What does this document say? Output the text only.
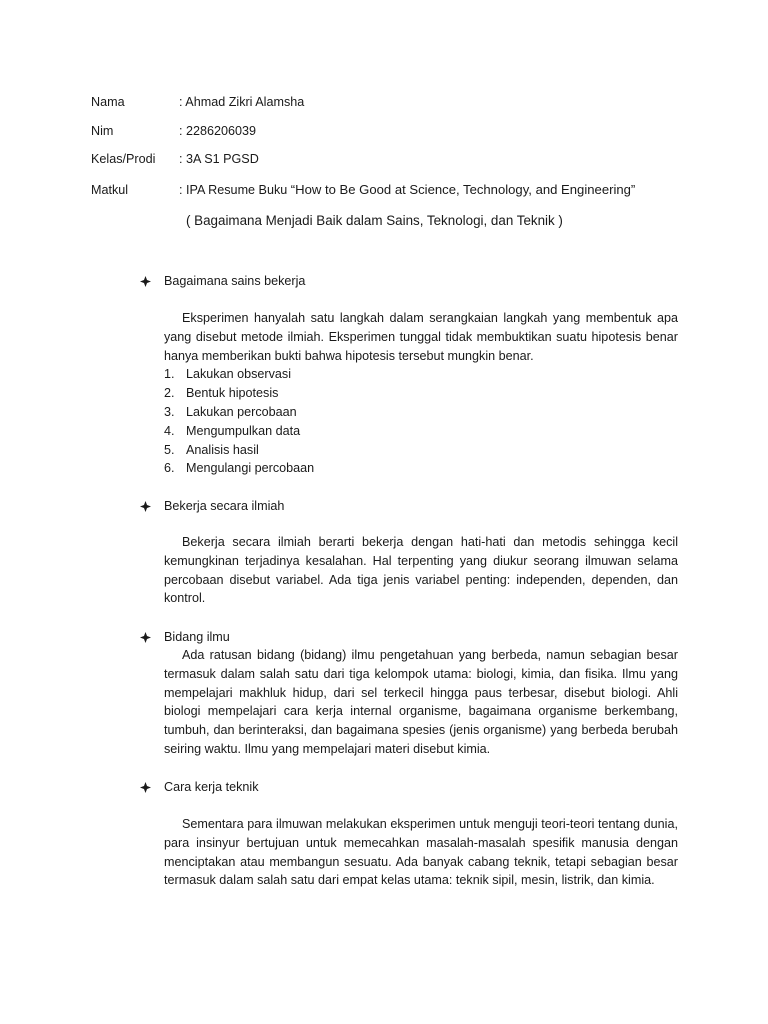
Nama	: Ahmad Zikri Alamsha
Nim	: 2286206039
Kelas/Prodi : 3A S1 PGSD
Matkul	: IPA Resume Buku “How to Be Good at Science, Technology, and Engineering”
( Bagaimana Menjadi Baik dalam Sains, Teknologi, dan Teknik )
Bagaimana sains bekerja

Eksperimen hanyalah satu langkah dalam serangkaian langkah yang membentuk apa yang disebut metode ilmiah. Eksperimen tunggal tidak membuktikan suatu hipotesis benar hanya memberikan bukti bahwa hipotesis tersebut mungkin benar.

1. Lakukan observasi
2. Bentuk hipotesis
3. Lakukan percobaan
4. Mengumpulkan data
5. Analisis hasil
6. Mengulangi percobaan
Bekerja secara ilmiah

Bekerja secara ilmiah berarti bekerja dengan hati-hati dan metodis sehingga kecil kemungkinan terjadinya kesalahan. Hal terpenting yang diukur seorang ilmuwan selama percobaan disebut variabel. Ada tiga jenis variabel penting: independen, dependen, dan kontrol.

Bidang ilmu

Ada ratusan bidang (bidang) ilmu pengetahuan yang berbeda, namun sebagian besar termasuk dalam salah satu dari tiga kelompok utama: biologi, kimia, dan fisika. Ilmu yang mempelajari makhluk hidup, dari sel terkecil hingga paus terbesar, disebut biologi. Ahli biologi mempelajari cara kerja internal organisme, bagaimana organisme berkembang, tumbuh, dan berinteraksi, dan bagaimana spesies (jenis organisme) yang berbeda berubah seiring waktu. Ilmu yang mempelajari materi disebut kimia.

Cara kerja teknik

Sementara para ilmuwan melakukan eksperimen untuk menguji teori-teori tentang dunia, para insinyur bertujuan untuk memecahkan masalah-masalah spesifik manusia dengan menciptakan atau membangun sesuatu. Ada banyak cabang teknik, tetapi sebagian besar termasuk dalam salah satu dari empat kelas utama: teknik sipil, mesin, listrik, dan kimia.
